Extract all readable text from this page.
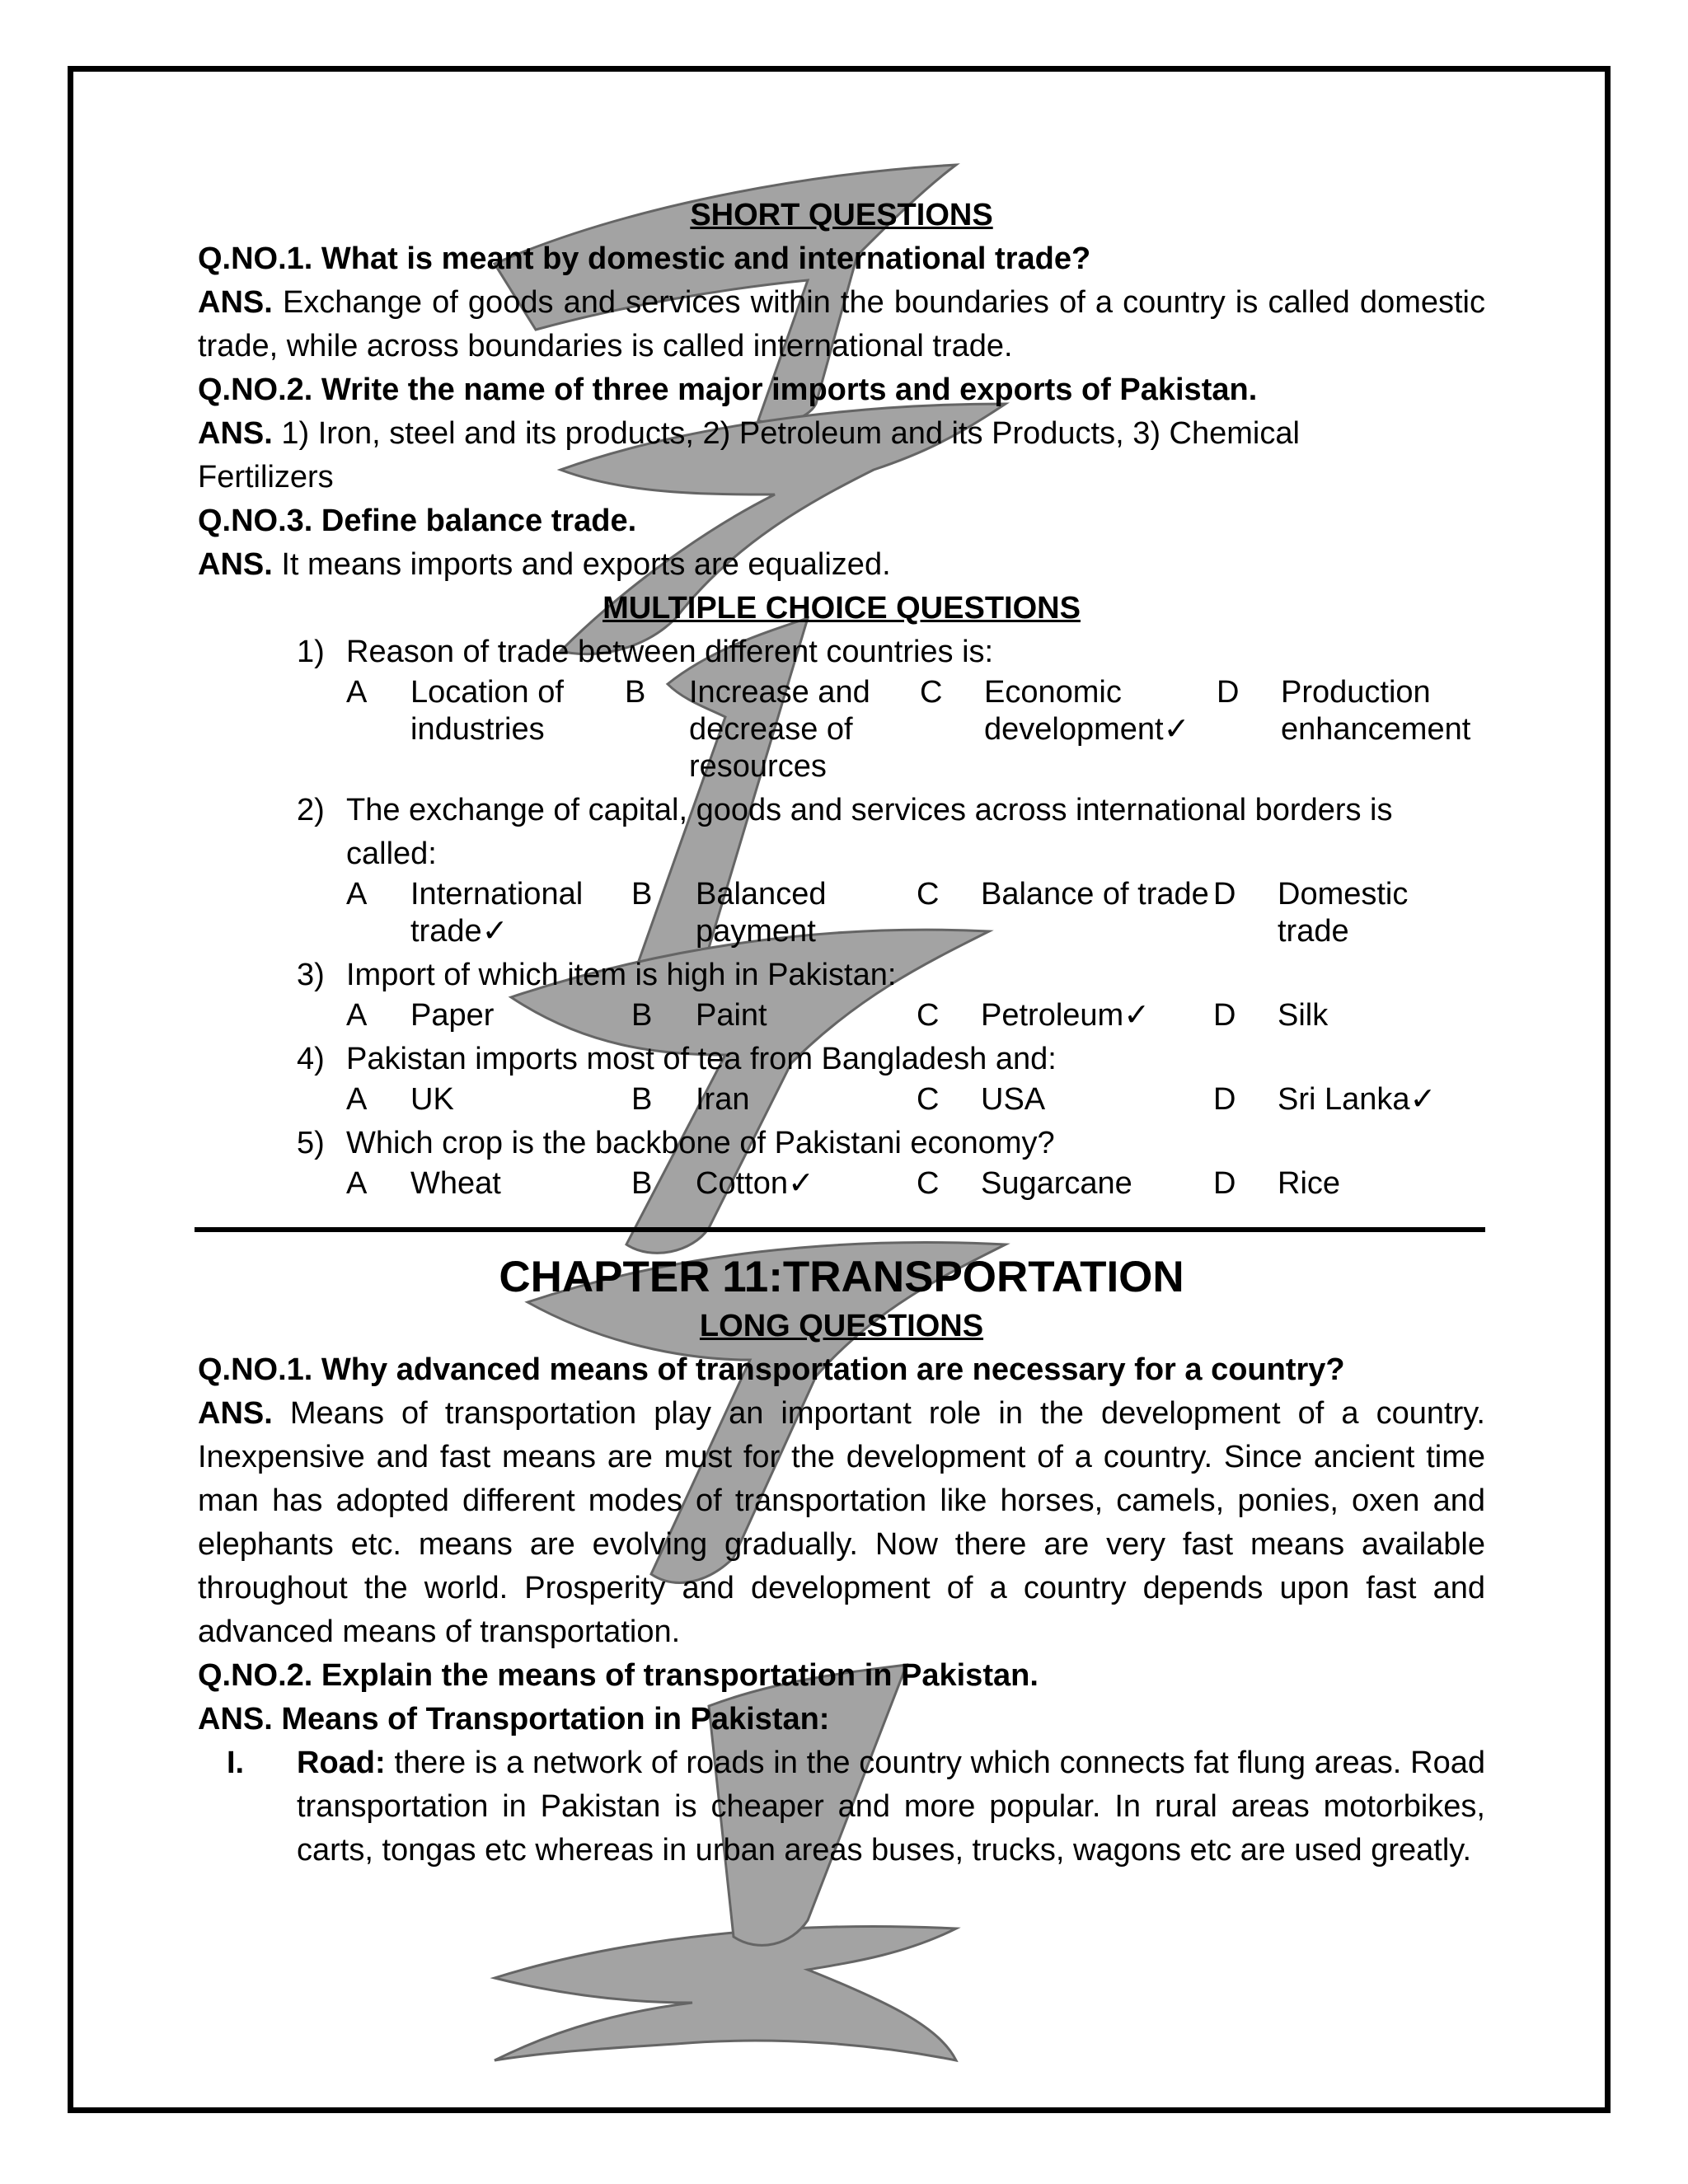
SHORT QUESTIONS
Q.NO.1. What is meant by domestic and international trade?
ANS. Exchange of goods and services within the boundaries of a country is called domestic trade, while across boundaries is called international trade.
Q.NO.2. Write the name of three major imports and exports of Pakistan.
ANS. 1) Iron, steel and its products, 2) Petroleum and its Products, 3) Chemical Fertilizers
Q.NO.3. Define balance trade.
ANS. It means imports and exports are equalized.
MULTIPLE CHOICE QUESTIONS
1) Reason of trade between different countries is:
A	Location of industries
B	Increase and decrease of resources
C	Economic development✓
D	Production enhancement
2) The exchange of capital, goods and services across international borders is called:
A	International trade✓
B	Balanced payment
C	Balance of trade D	Domestic trade
3) Import of which item is high in Pakistan:
A	Paper	B	Paint	C	Petroleum✓	D	Silk
4) Pakistan imports most of tea from Bangladesh and:
A	UK	B	Iran	C	USA	D	Sri Lanka✓
5) Which crop is the backbone of Pakistani economy?
A	Wheat	B	Cotton✓	C	Sugarcane	D	Rice
CHAPTER 11:TRANSPORTATION
LONG QUESTIONS
Q.NO.1. Why advanced means of transportation are necessary for a country?
ANS. Means of transportation play an important role in the development of a country. Inexpensive and fast means are must for the development of a country. Since ancient time man has adopted different modes of transportation like horses, camels, ponies, oxen and elephants etc. means are evolving gradually. Now there are very fast means available throughout the world. Prosperity and development of a country depends upon fast and advanced means of transportation.
Q.NO.2. Explain the means of transportation in Pakistan.
ANS. Means of Transportation in Pakistan:
I.	Road: there is a network of roads in the country which connects fat flung areas. Road transportation in Pakistan is cheaper and more popular. In rural areas motorbikes, carts, tongas etc whereas in urban areas buses, trucks, wagons etc are used greatly.
